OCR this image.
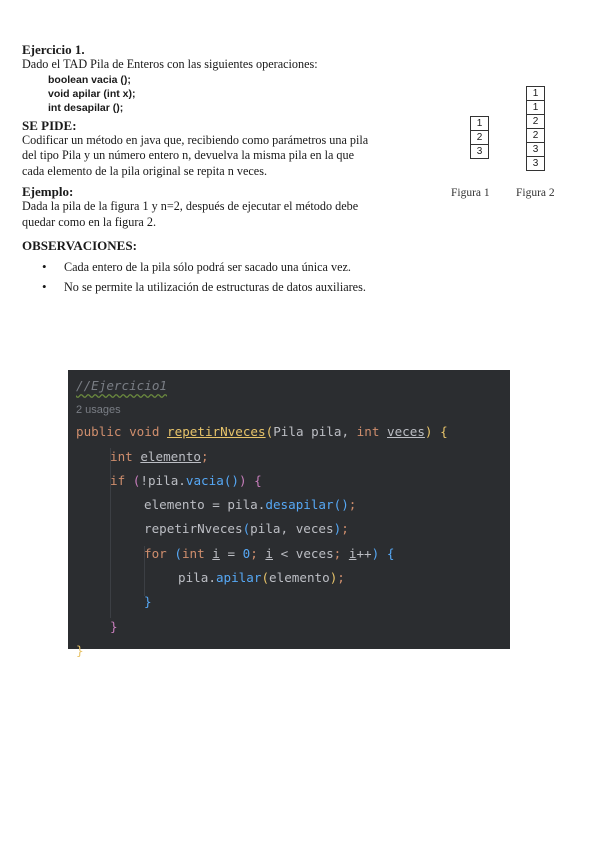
Ejercicio 1.

Dado el TAD Pila de Enteros con las siguientes operaciones:

boolean vacia ();
void apilar (int x);
int desapilar ();

SE PIDE:

Codificar un método en java que, recibiendo como parámetros una pila

del tipo Pila y un número entero n, devuelva la misma pila en la que

cada elemento de la pila original se repita n veces.

Ejemplo:

Dada la pila de la figura 1 y n=2, después de ejecutar el método debe

quedar como en la figura 2.

OBSERVACIONES:

• Cada entero de la pila sólo podrá ser sacado una única vez.
• No se permite la utilización de estructuras de datos auxiliares.
1
2
3
Figura 1
1
1
2
2
3
3
Figura 2
//Ejercicio1
2 usages
public void repetirNveces(Pila pila, int veces) {
int elemento;
if (!pila.vacia()) {
elemento = pila.desapilar();
repetirNveces(pila, veces);
for (int i = 0; i < veces; i++) {
pila.apilar(elemento);
}
}
}
